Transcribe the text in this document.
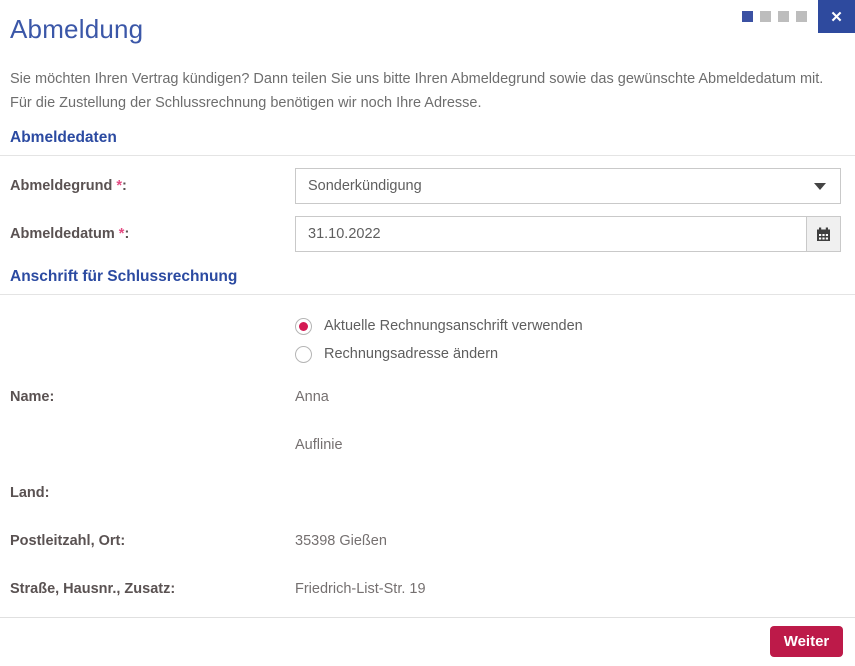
✕
Abmeldung

Sie möchten Ihren Vertrag kündigen? Dann teilen Sie uns bitte Ihren Abmeldegrund sowie das gewünschte Abmeldedatum mit. Für die Zustellung der Schlussrechnung benötigen wir noch Ihre Adresse.

Abmeldedaten
Abmeldegrund *:	Sonderkündigung
Abmeldedatum *:	31.10.2022
Anschrift für Schlussrechnung
Aktuelle Rechnungsanschrift verwenden
Rechnungsadresse ändern
Name:	Anna
Auflinie
Land:
Postleitzahl, Ort:	35398 Gießen
Straße, Hausnr., Zusatz:	Friedrich-List-Str. 19
Weiter
